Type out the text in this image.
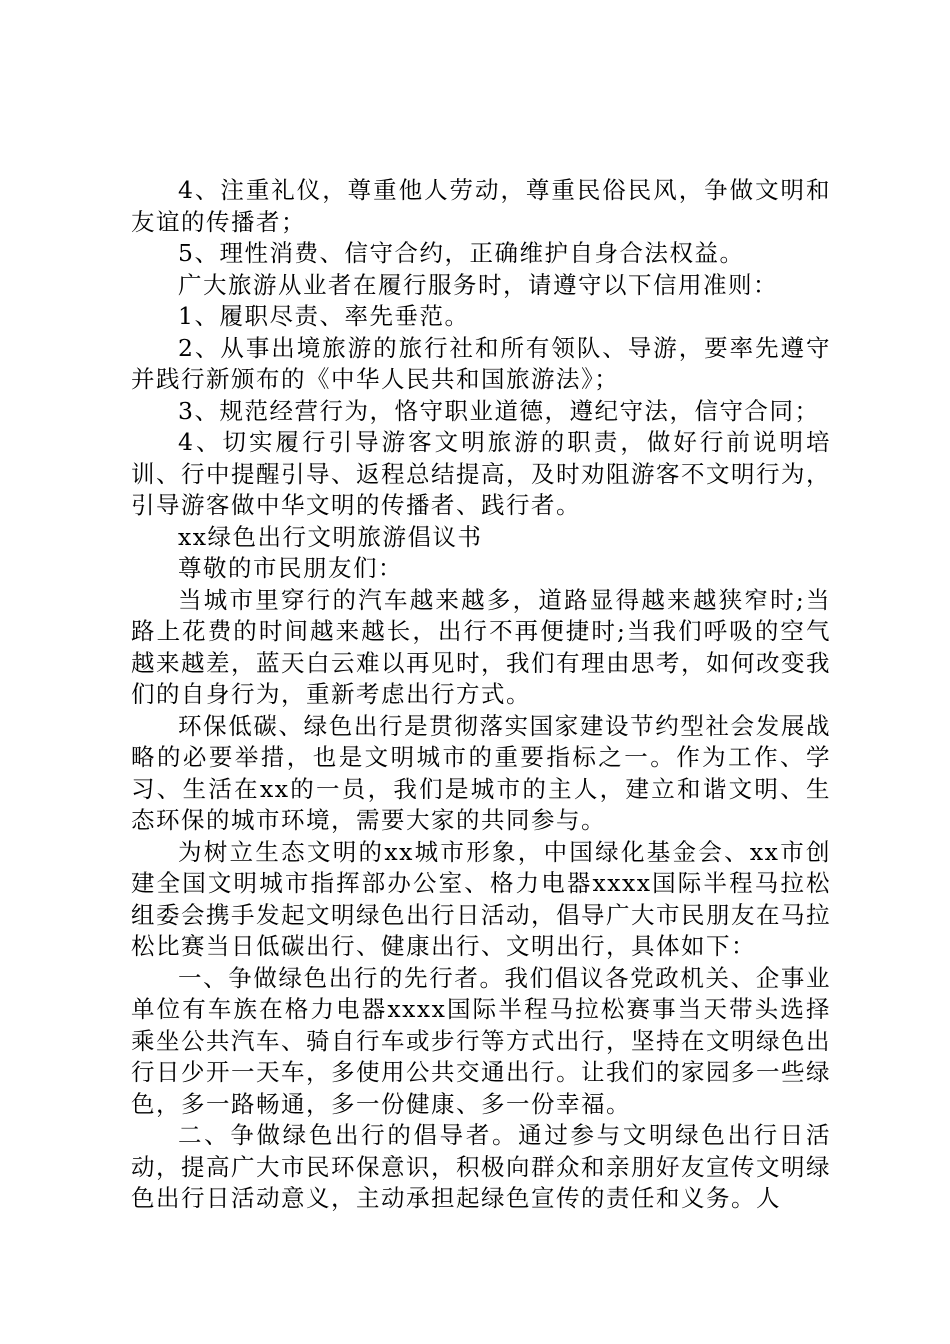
4、注重礼仪，尊重他人劳动，尊重民俗民风，争做文明和友谊的传播者；

5、理性消费、信守合约，正确维护自身合法权益。

广大旅游从业者在履行服务时，请遵守以下信用准则：

1、履职尽责、率先垂范。

2、从事出境旅游的旅行社和所有领队、导游，要率先遵守并践行新颁布的《中华人民共和国旅游法》；

3、规范经营行为，恪守职业道德，遵纪守法，信守合同；

4、切实履行引导游客文明旅游的职责，做好行前说明培训、行中提醒引导、返程总结提高，及时劝阻游客不文明行为，引导游客做中华文明的传播者、践行者。

xx绿色出行文明旅游倡议书

尊敬的市民朋友们：

当城市里穿行的汽车越来越多，道路显得越来越狭窄时;当路上花费的时间越来越长，出行不再便捷时;当我们呼吸的空气越来越差，蓝天白云难以再见时，我们有理由思考，如何改变我们的自身行为，重新考虑出行方式。

环保低碳、绿色出行是贯彻落实国家建设节约型社会发展战略的必要举措，也是文明城市的重要指标之一。作为工作、学习、生活在xx的一员，我们是城市的主人，建立和谐文明、生态环保的城市环境，需要大家的共同参与。

为树立生态文明的xx城市形象，中国绿化基金会、xx市创建全国文明城市指挥部办公室、格力电器xxxx国际半程马拉松组委会携手发起文明绿色出行日活动，倡导广大市民朋友在马拉松比赛当日低碳出行、健康出行、文明出行，具体如下：

一、争做绿色出行的先行者。我们倡议各党政机关、企事业单位有车族在格力电器xxxx国际半程马拉松赛事当天带头选择乘坐公共汽车、骑自行车或步行等方式出行，坚持在文明绿色出行日少开一天车，多使用公共交通出行。让我们的家园多一些绿色，多一路畅通，多一份健康、多一份幸福。

二、争做绿色出行的倡导者。通过参与文明绿色出行日活动，提高广大市民环保意识，积极向群众和亲朋好友宣传文明绿色出行日活动意义，主动承担起绿色宣传的责任和义务。人
